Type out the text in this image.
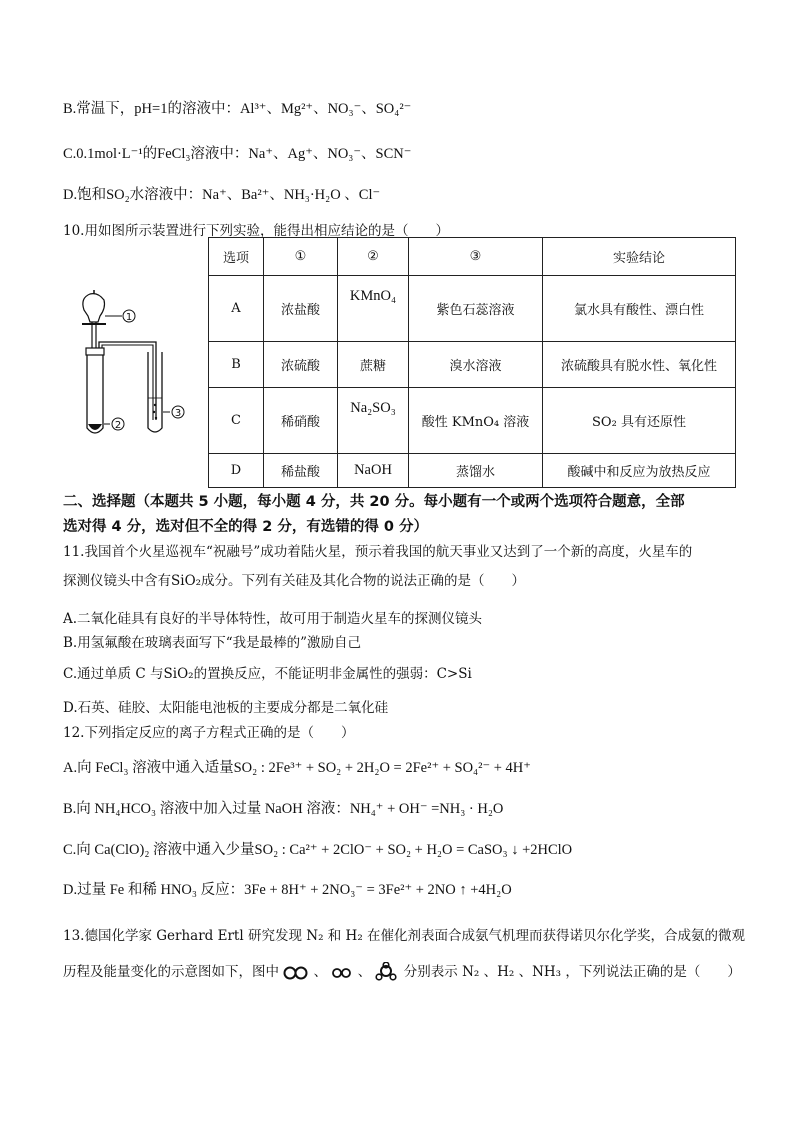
B.常温下，pH=1的溶液中：Al³⁺、Mg²⁺、NO₃⁻、SO₄²⁻
C.0.1mol·L⁻¹的FeCl₃溶液中：Na⁺、Ag⁺、NO₃⁻、SCN⁻
D.饱和SO₂水溶液中：Na⁺、Ba²⁺、NH₃·H₂O 、Cl⁻
10.用如图所示装置进行下列实验，能得出相应结论的是（　　）
1
2
3
选项	①	②	③	实验结论
A	浓盐酸	KMnO₄	紫色石蕊溶液	氯水具有酸性、漂白性
B	浓硫酸	蔗糖	溴水溶液	浓硫酸具有脱水性、氧化性
C	稀硝酸	Na₂SO₃	酸性 KMnO₄ 溶液	SO₂ 具有还原性
D	稀盐酸	NaOH	蒸馏水	酸碱中和反应为放热反应
二、选择题（本题共 5 小题，每小题 4 分，共 20 分。每小题有一个或两个选项符合题意，全部
选对得 4 分，选对但不全的得 2 分，有选错的得 0 分）
11.我国首个火星巡视车“祝融号”成功着陆火星，预示着我国的航天事业又达到了一个新的高度，火星车的
探测仪镜头中含有SiO₂成分。下列有关硅及其化合物的说法正确的是（　　）
A.二氧化硅具有良好的半导体特性，故可用于制造火星车的探测仪镜头
B.用氢氟酸在玻璃表面写下“我是最棒的”激励自己
C.通过单质 C 与SiO₂的置换反应，不能证明非金属性的强弱：C>Si
D.石英、硅胶、太阳能电池板的主要成分都是二氧化硅
12.下列指定反应的离子方程式正确的是（　　）
A.向 FeCl₃ 溶液中通入适量SO₂ : 2Fe³⁺ + SO₂ + 2H₂O = 2Fe²⁺ + SO₄²⁻ + 4H⁺
B.向 NH₄HCO₃ 溶液中加入过量 NaOH 溶液：NH₄⁺ + OH⁻ =NH₃ · H₂O
C.向 Ca(ClO)₂ 溶液中通入少量SO₂ : Ca²⁺ + 2ClO⁻ + SO₂ + H₂O = CaSO₃ ↓ +2HClO
D.过量 Fe 和稀 HNO₃ 反应：3Fe + 8H⁺ + 2NO₃⁻ = 3Fe²⁺ + 2NO ↑ +4H₂O
13.德国化学家 Gerhard Ertl 研究发现 N₂ 和 H₂ 在催化剂表面合成氨气机理而获得诺贝尔化学奖，合成氨的微观
历程及能量变化的示意图如下，图中	、 、 分别表示 N₂ 、H₂ 、NH₃ ，下列说法正确的是（　　）
